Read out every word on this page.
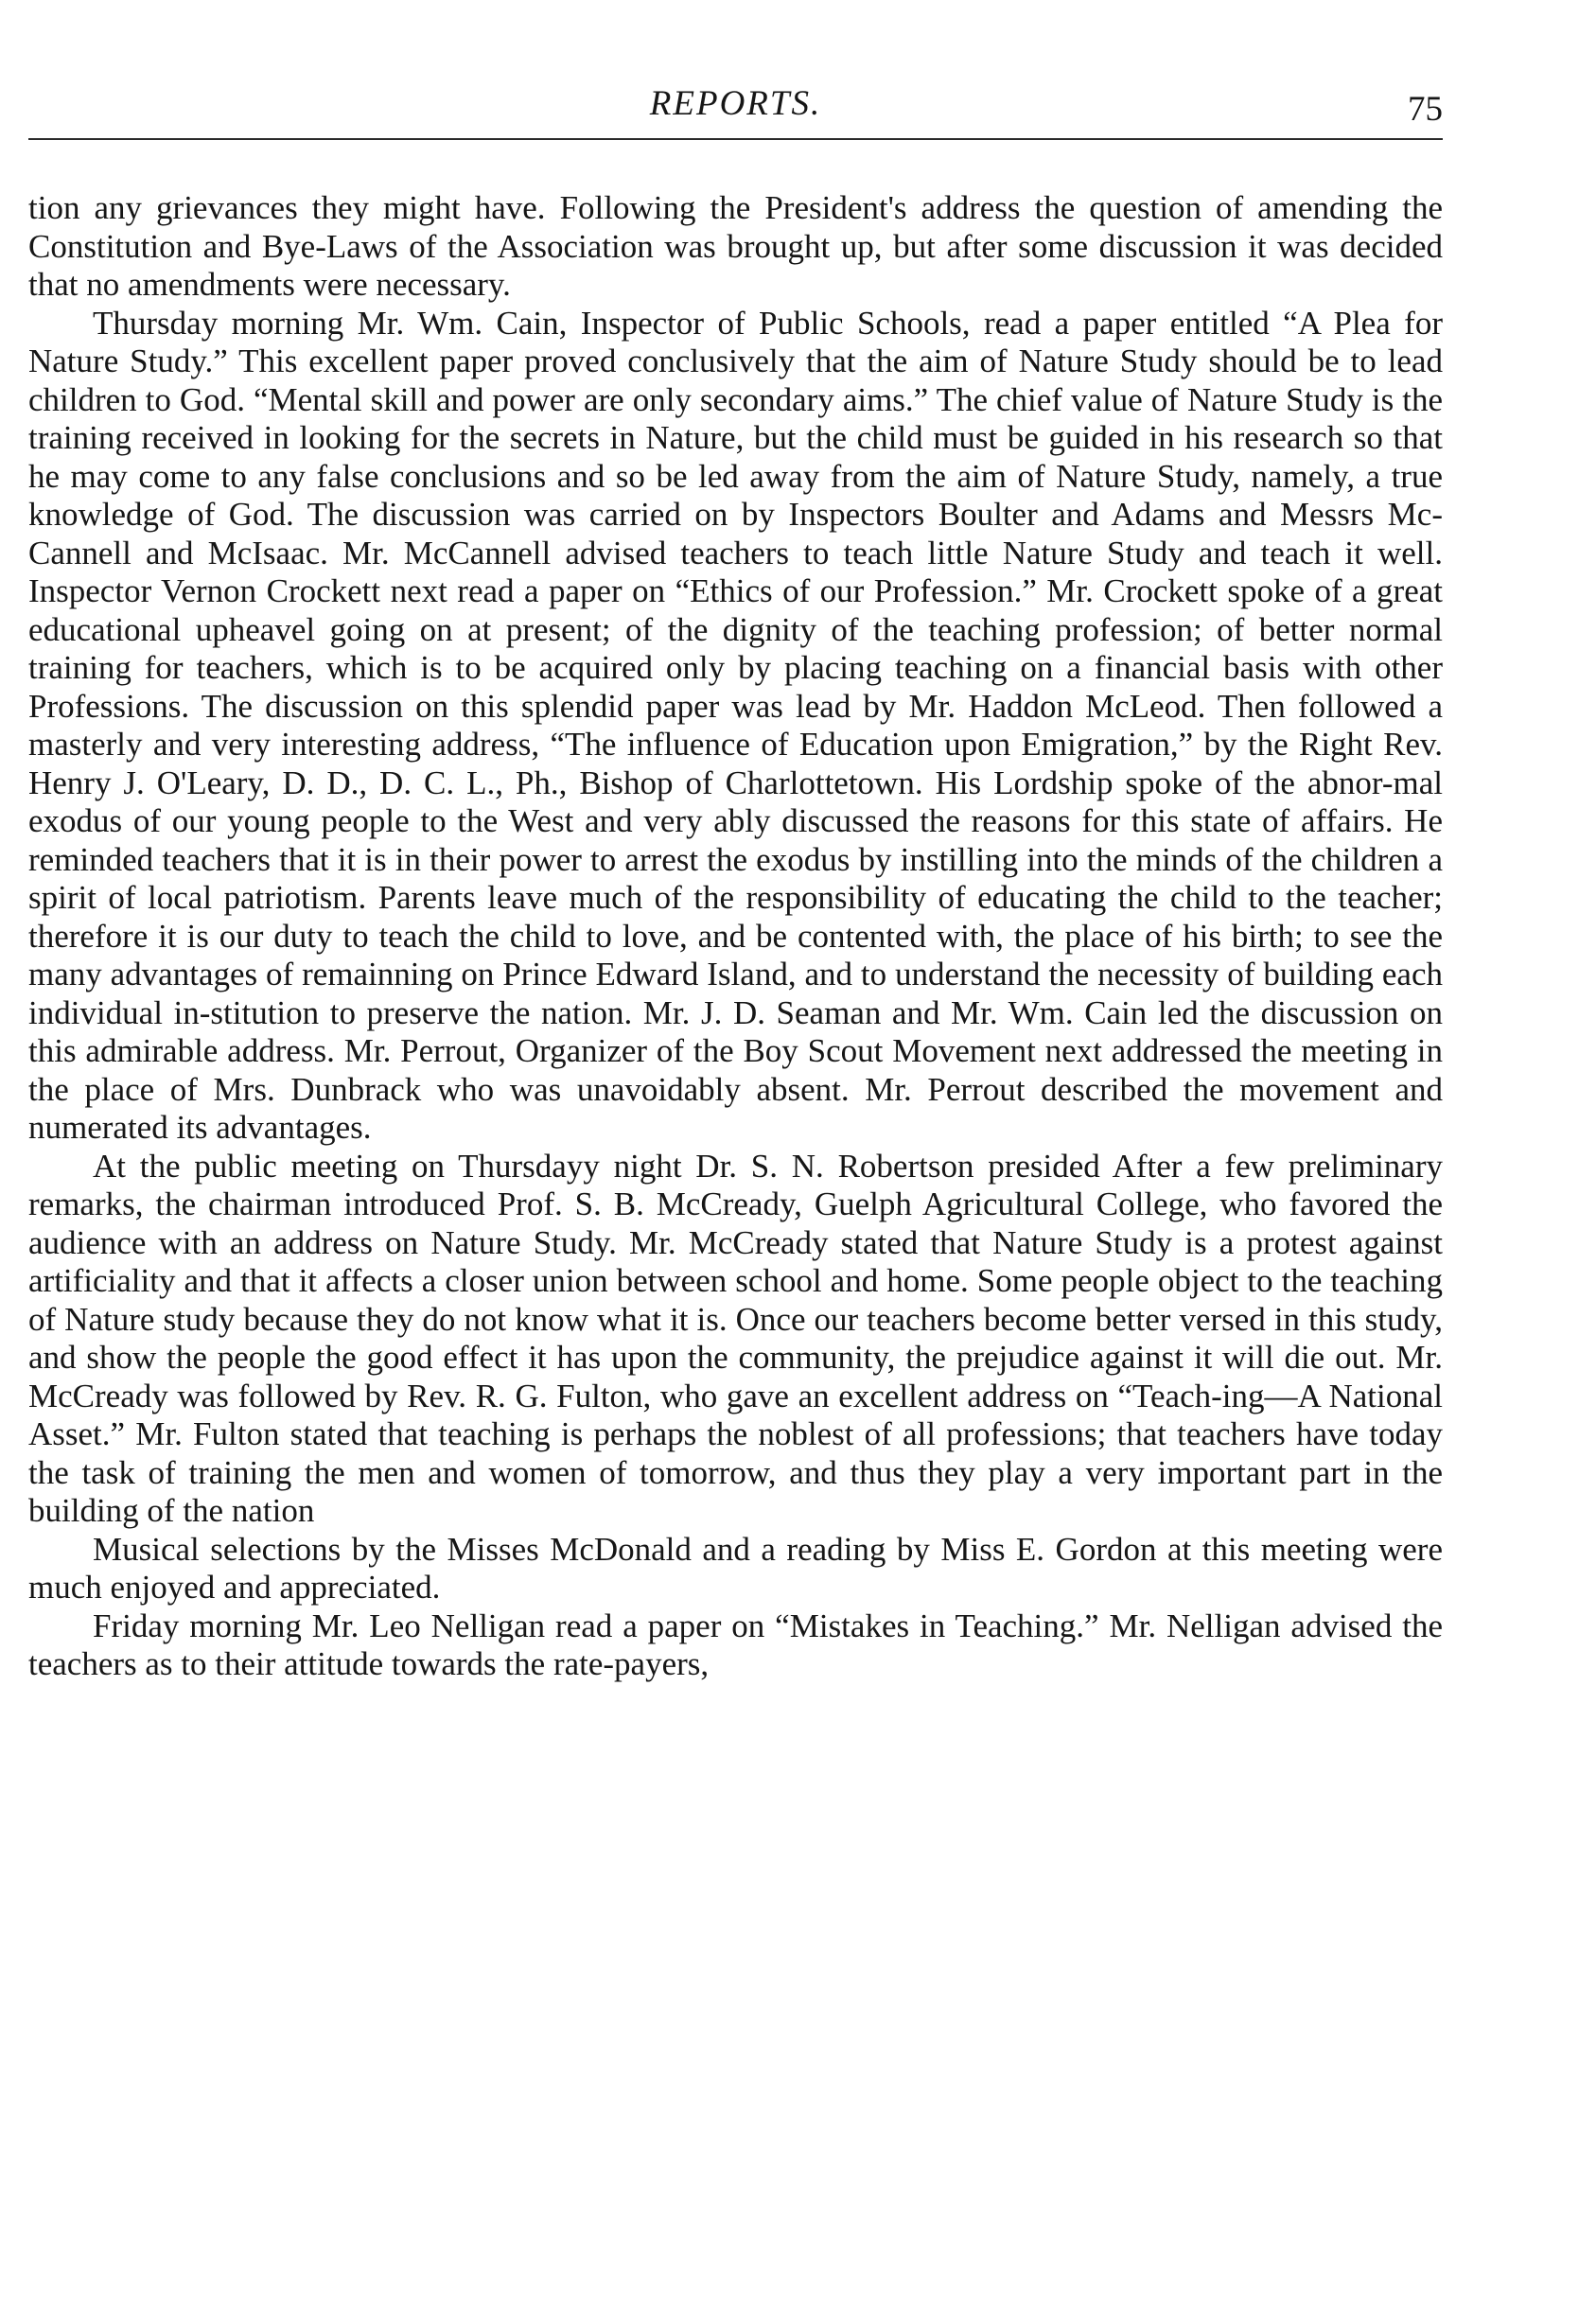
REPORTS.	75

tion any grievances they might have. Following the President's address the question of amending the Constitution and Bye-Laws of the Association was brought up, but after some discussion it was decided that no amendments were necessary.

Thursday morning Mr. Wm. Cain, Inspector of Public Schools, read a paper entitled “A Plea for Nature Study.” This excellent paper proved conclusively that the aim of Nature Study should be to lead children to God. “Mental skill and power are only secondary aims.” The chief value of Nature Study is the training received in looking for the secrets in Nature, but the child must be guided in his research so that he may come to any false conclusions and so be led away from the aim of Nature Study, namely, a true knowledge of God. The discussion was carried on by Inspectors Boulter and Adams and Messrs Mc-Cannell and McIsaac. Mr. McCannell advised teachers to teach little Nature Study and teach it well. Inspector Vernon Crockett next read a paper on “Ethics of our Profession.” Mr. Crockett spoke of a great educational upheavel going on at present; of the dignity of the teaching profession; of better normal training for teachers, which is to be acquired only by placing teaching on a financial basis with other Professions. The discussion on this splendid paper was lead by Mr. Haddon McLeod. Then followed a masterly and very interesting address, “The influence of Education upon Emigration,” by the Right Rev. Henry J. O'Leary, D. D., D. C. L., Ph., Bishop of Charlottetown. His Lordship spoke of the abnor-mal exodus of our young people to the West and very ably discussed the reasons for this state of affairs. He reminded teachers that it is in their power to arrest the exodus by instilling into the minds of the children a spirit of local patriotism. Parents leave much of the responsibility of educating the child to the teacher; therefore it is our duty to teach the child to love, and be contented with, the place of his birth; to see the many advantages of remainning on Prince Edward Island, and to understand the necessity of building each individual in-stitution to preserve the nation. Mr. J. D. Seaman and Mr. Wm. Cain led the discussion on this admirable address. Mr. Perrout, Organizer of the Boy Scout Movement next addressed the meeting in the place of Mrs. Dunbrack who was unavoidably absent. Mr. Perrout described the movement and numerated its advantages.

At the public meeting on Thursdayy night Dr. S. N. Robertson presided After a few preliminary remarks, the chairman introduced Prof. S. B. McCready, Guelph Agricultural College, who favored the audience with an address on Nature Study. Mr. McCready stated that Nature Study is a protest against artificiality and that it affects a closer union between school and home. Some people object to the teaching of Nature study because they do not know what it is. Once our teachers become better versed in this study, and show the people the good effect it has upon the community, the prejudice against it will die out. Mr. McCready was followed by Rev. R. G. Fulton, who gave an excellent address on “Teach-ing—A National Asset.” Mr. Fulton stated that teaching is perhaps the noblest of all professions; that teachers have today the task of training the men and women of tomorrow, and thus they play a very important part in the building of the nation

Musical selections by the Misses McDonald and a reading by Miss E. Gordon at this meeting were much enjoyed and appreciated.

Friday morning Mr. Leo Nelligan read a paper on “Mistakes in Teaching.” Mr. Nelligan advised the teachers as to their attitude towards the rate-payers,
